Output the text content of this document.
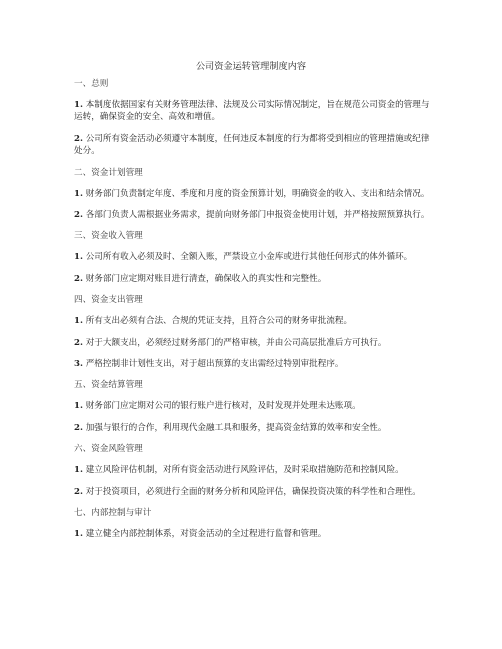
公司资金运转管理制度内容
一、总则
1. 本制度依据国家有关财务管理法律、法规及公司实际情况制定，旨在规范公司资金的管理与运转，确保资金的安全、高效和增值。
2. 公司所有资金活动必须遵守本制度，任何违反本制度的行为都将受到相应的管理措施或纪律处分。
二、资金计划管理
1. 财务部门负责制定年度、季度和月度的资金预算计划，明确资金的收入、支出和结余情况。
2. 各部门负责人需根据业务需求，提前向财务部门申报资金使用计划，并严格按照预算执行。
三、资金收入管理
1. 公司所有收入必须及时、全额入账，严禁设立小金库或进行其他任何形式的体外循环。
2. 财务部门应定期对账目进行清查，确保收入的真实性和完整性。
四、资金支出管理
1. 所有支出必须有合法、合规的凭证支持，且符合公司的财务审批流程。
2. 对于大额支出，必须经过财务部门的严格审核，并由公司高层批准后方可执行。
3. 严格控制非计划性支出，对于超出预算的支出需经过特别审批程序。
五、资金结算管理
1. 财务部门应定期对公司的银行账户进行核对，及时发现并处理未达账项。
2. 加强与银行的合作，利用现代金融工具和服务，提高资金结算的效率和安全性。
六、资金风险管理
1. 建立风险评估机制，对所有资金活动进行风险评估，及时采取措施防范和控制风险。
2. 对于投资项目，必须进行全面的财务分析和风险评估，确保投资决策的科学性和合理性。
七、内部控制与审计
1. 建立健全内部控制体系，对资金活动的全过程进行监督和管理。
